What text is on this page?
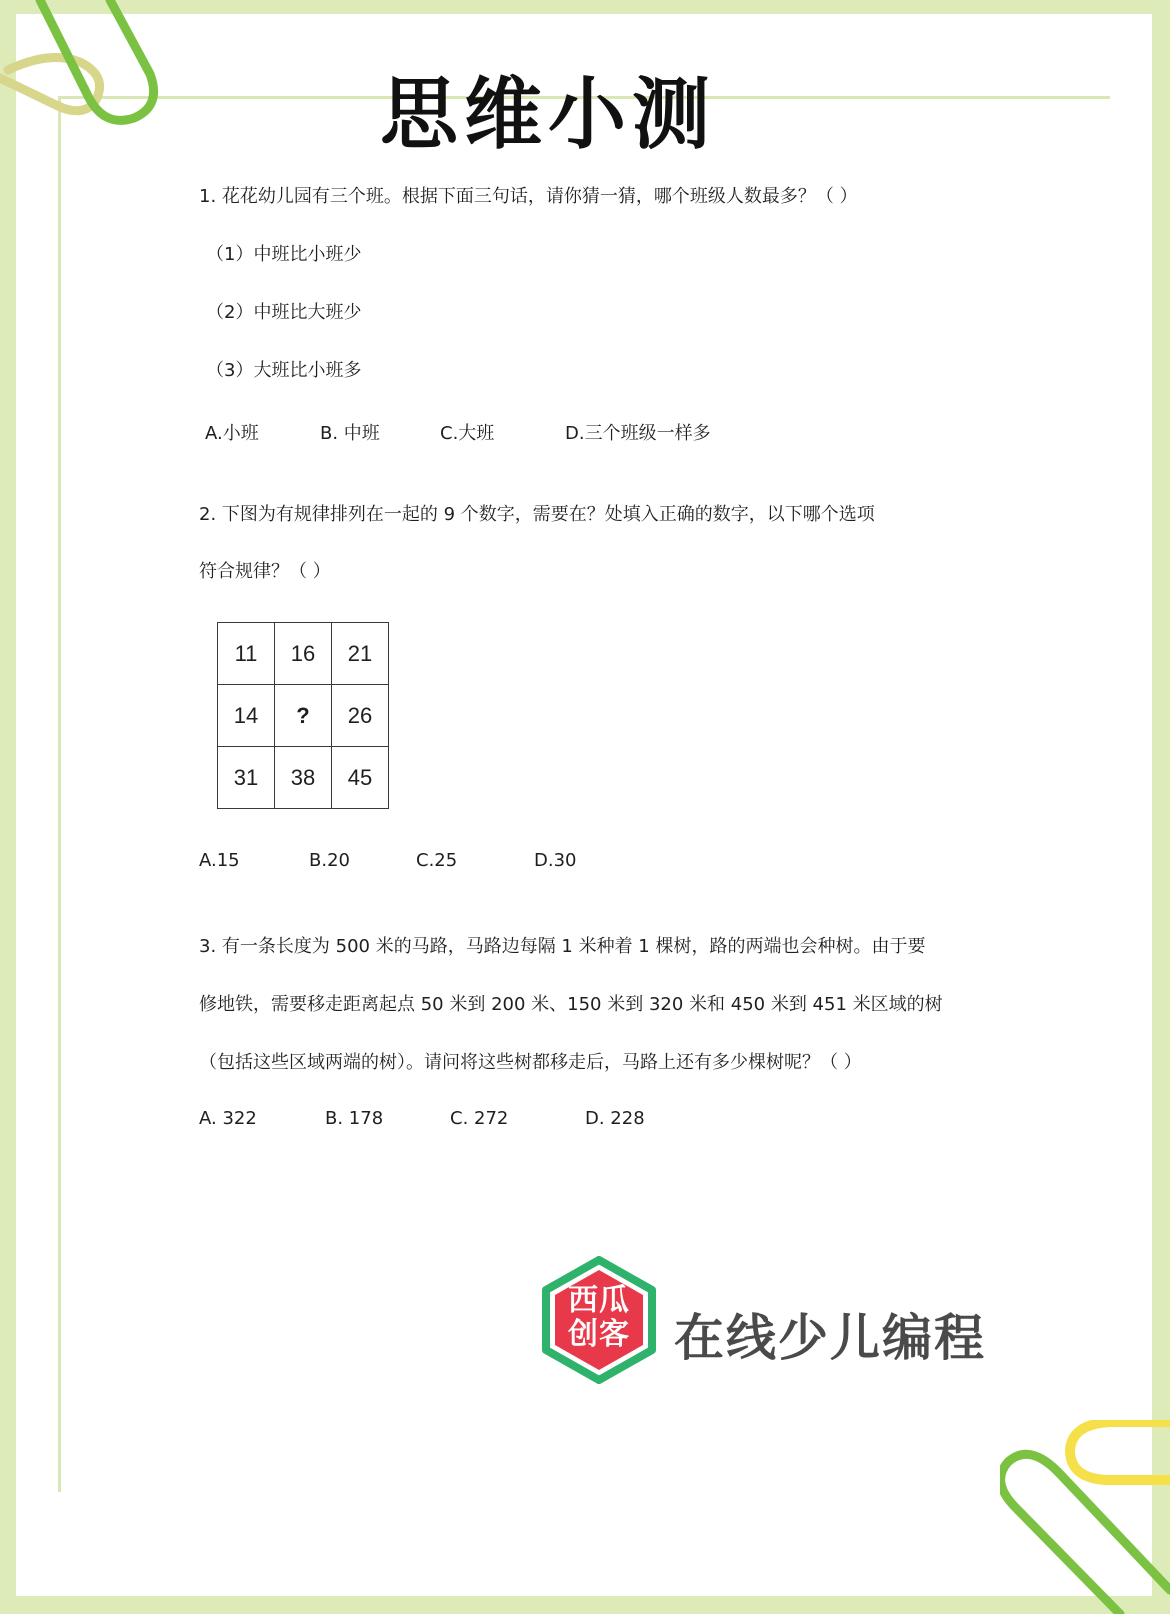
思维小测
1. 花花幼儿园有三个班。根据下面三句话，请你猜一猜，哪个班级人数最多？（ ）
（1）中班比小班少
（2）中班比大班少
（3）大班比小班多
A.小班	B. 中班	C.大班	D.三个班级一样多
2. 下图为有规律排列在一起的 9 个数字，需要在？处填入正确的数字，以下哪个选项
符合规律？（ ）
11	16	21
14	?	26
31	38	45
A.15	B.20	C.25	D.30
3. 有一条长度为 500 米的马路，马路边每隔 1 米种着 1 棵树，路的两端也会种树。由于要
修地铁，需要移走距离起点 50 米到 200 米、150 米到 320 米和 450 米到 451 米区域的树
（包括这些区域两端的树）。请问将这些树都移走后，马路上还有多少棵树呢？（ ）
A. 322	B. 178	C. 272	D. 228
西瓜
创客 在线少儿编程
